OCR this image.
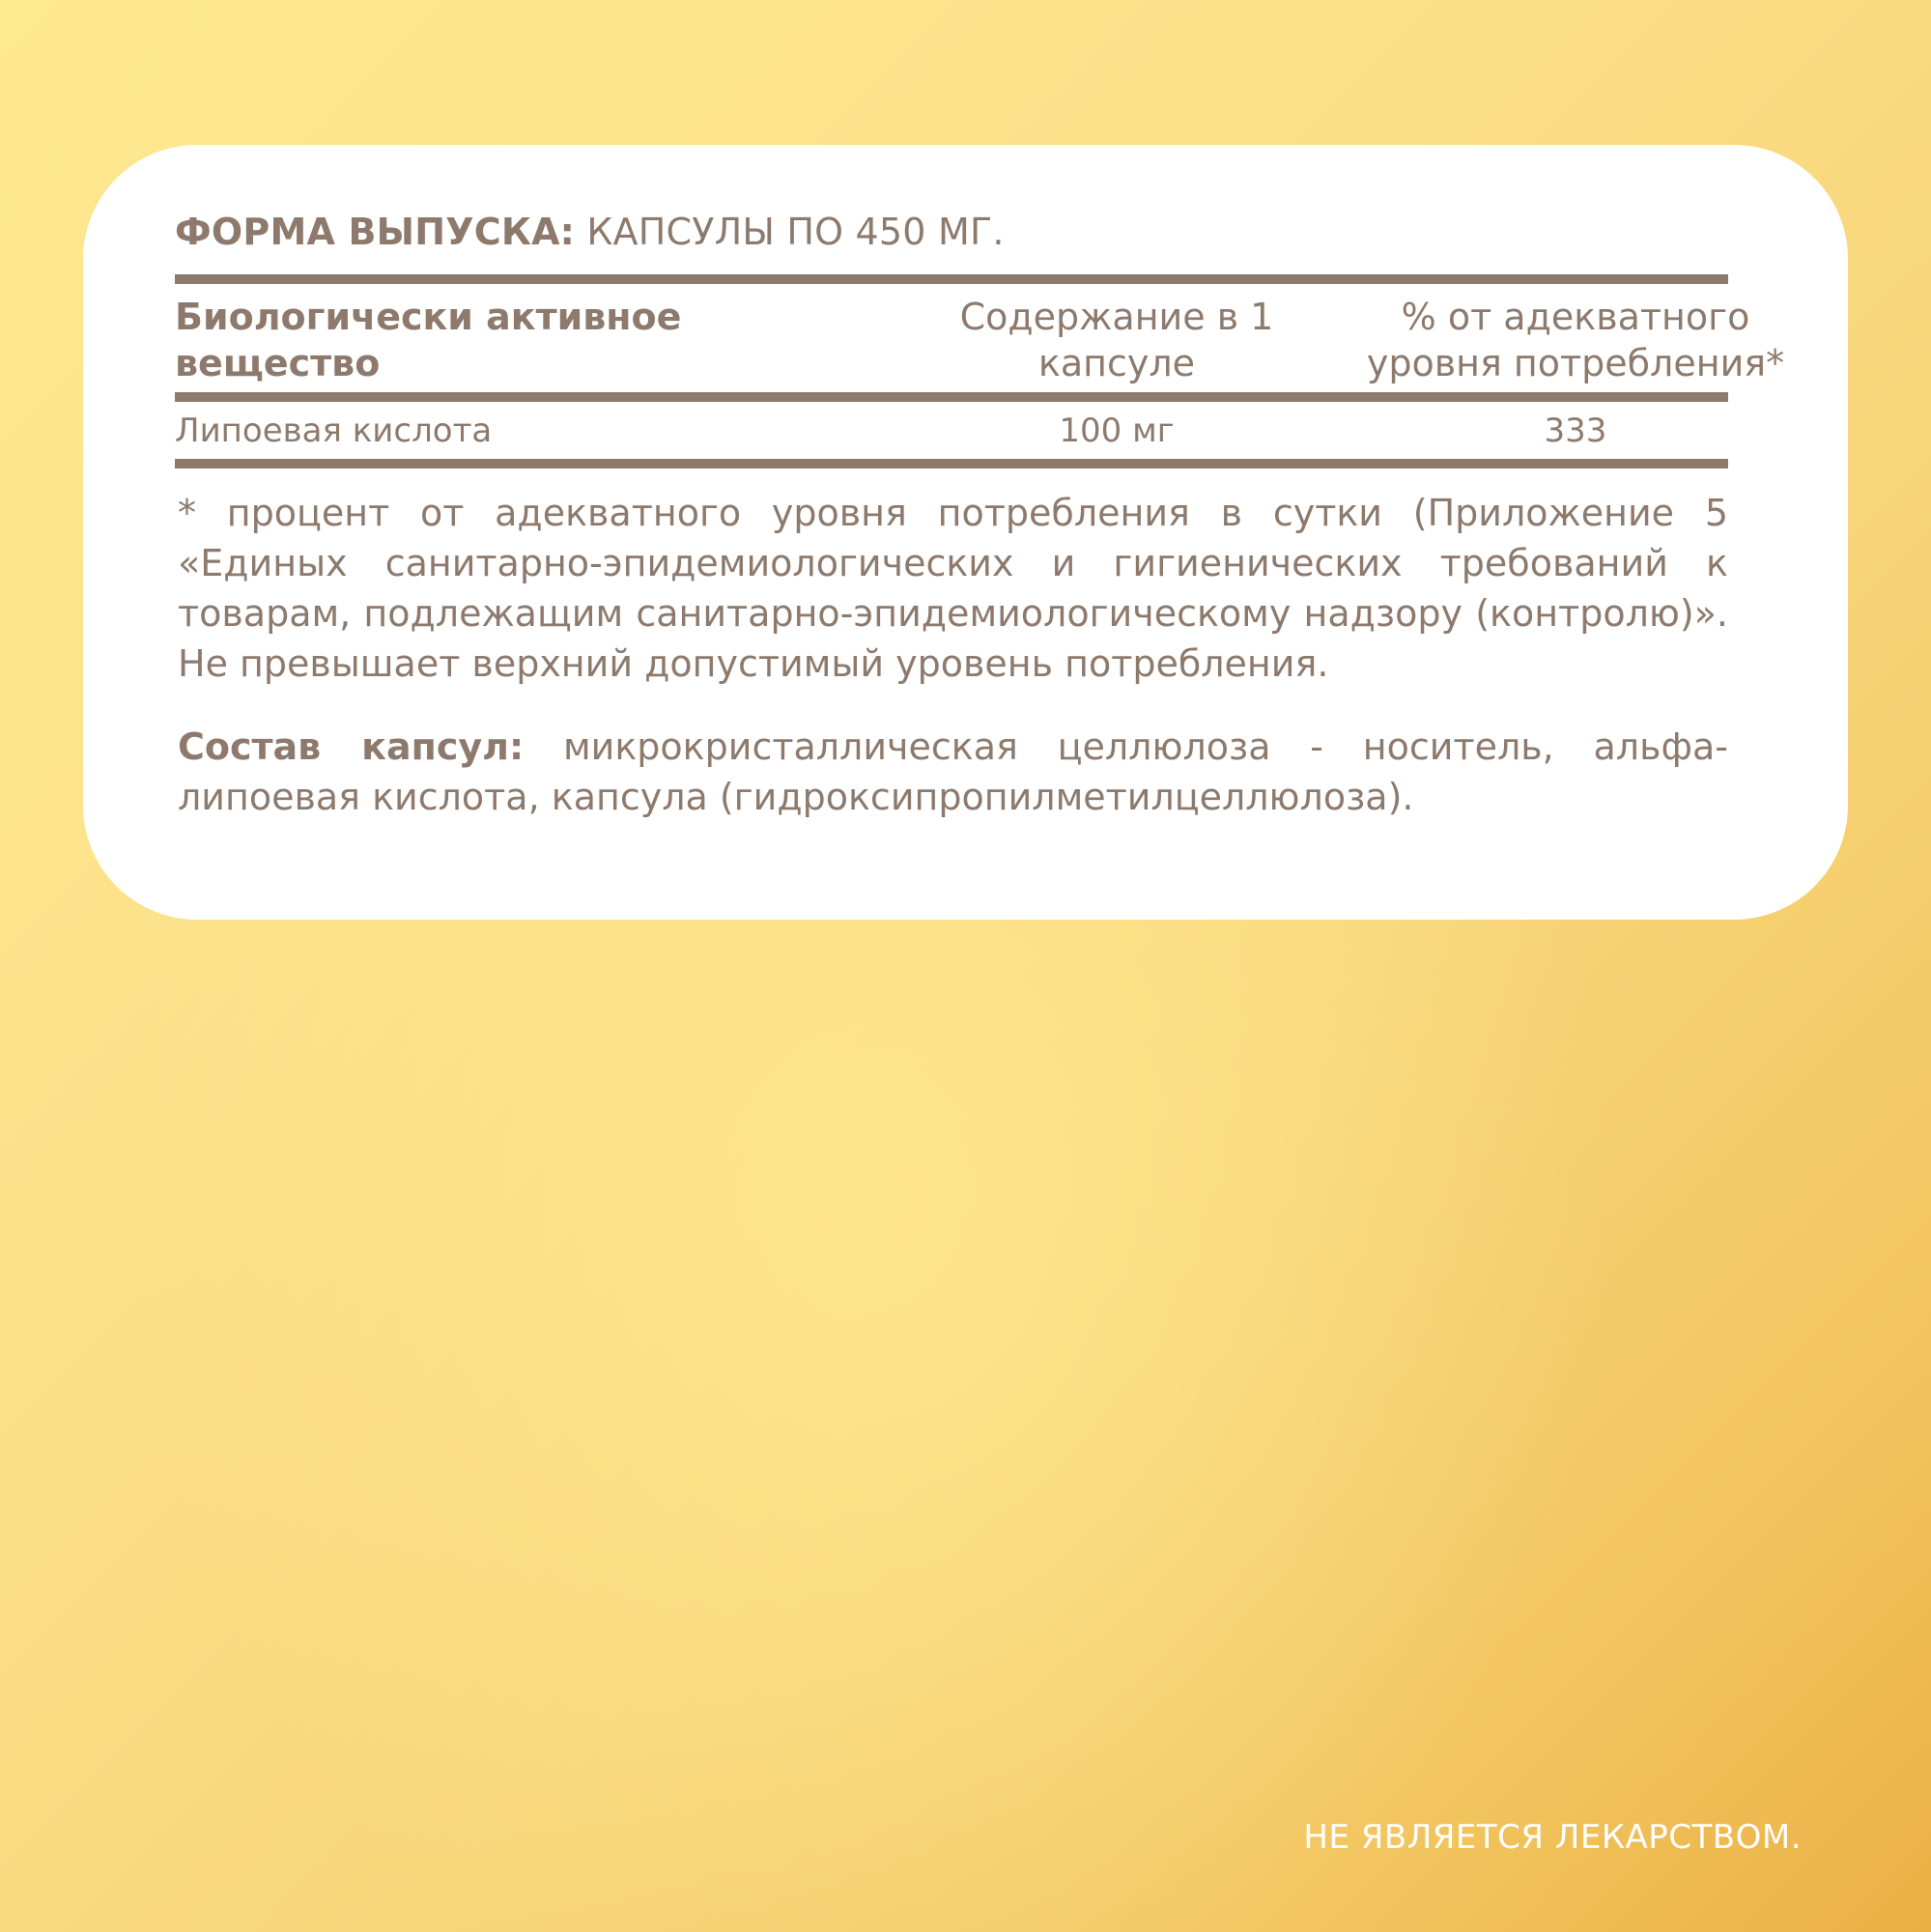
ФОРМА ВЫПУСКА: КАПСУЛЫ ПО 450 МГ.
Биологически активное вещество
Содержание в 1 капсуле
% от адекватного уровня потребления*
Липоевая кислота	100 мг	333
* процент от адекватного уровня потребления в сутки (Приложение 5 «Единых санитарно-эпидемиологических и гигиенических требований к товарам, подлежащим санитарно-эпидемиологическому надзору (контролю)». Не превышает верхний допустимый уровень потребления.
Состав капсул: микрокристаллическая целлюлоза - носитель, альфа-липоевая кислота, капсула (гидроксипропилметилцеллюлоза).
НЕ ЯВЛЯЕТСЯ ЛЕКАРСТВОМ.
